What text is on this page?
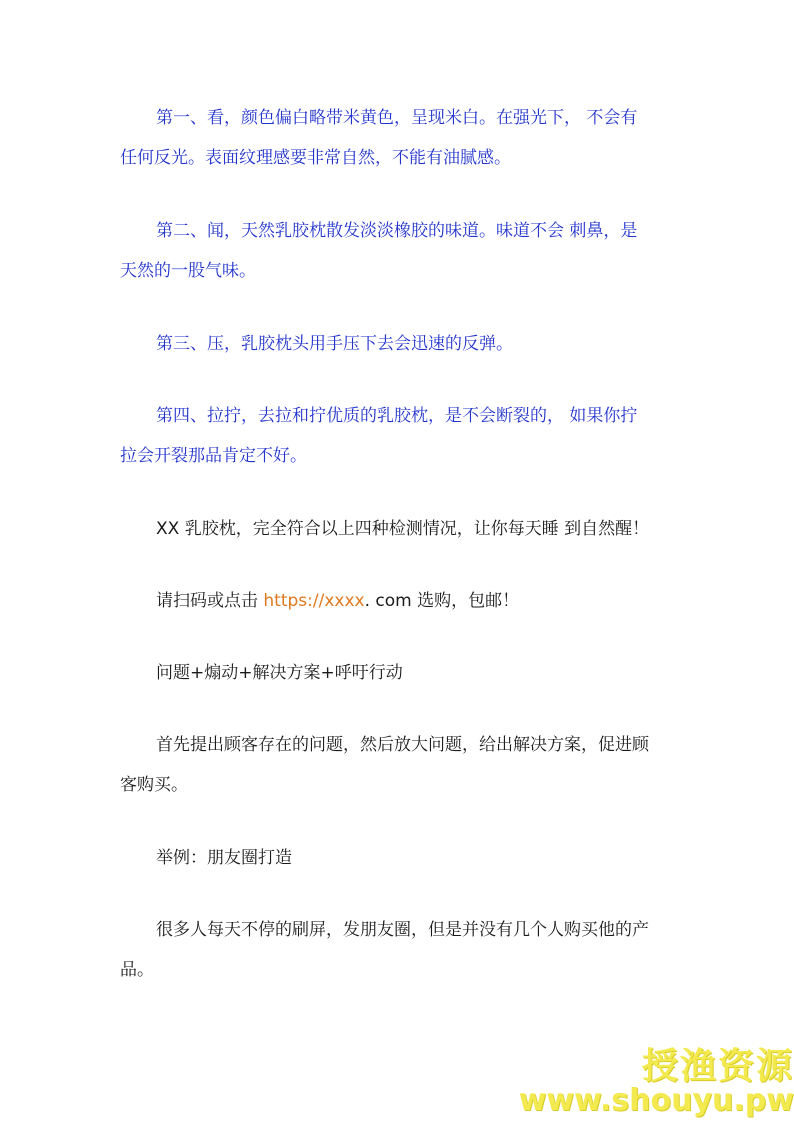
第一、看，颜色偏白略带米黄色，呈现米白。在强光下， 不会有
任何反光。表面纹理感要非常自然，不能有油腻感。
第二、闻，天然乳胶枕散发淡淡橡胶的味道。味道不会 刺鼻，是
天然的一股气味。
第三、压，乳胶枕头用手压下去会迅速的反弹。
第四、拉拧，去拉和拧优质的乳胶枕，是不会断裂的， 如果你拧
拉会开裂那品肯定不好。
XX 乳胶枕，完全符合以上四种检测情况，让你每天睡 到自然醒！
请扫码或点击 https://xxxx. com 选购，包邮！
问题+煽动+解决方案+呼吁行动
首先提出顾客存在的问题，然后放大问题，给出解决方案，促进顾
客购买。
举例：朋友圈打造
很多人每天不停的刷屏，发朋友圈，但是并没有几个人购买他的产
品。
授渔资源
www.shouyu.pw
